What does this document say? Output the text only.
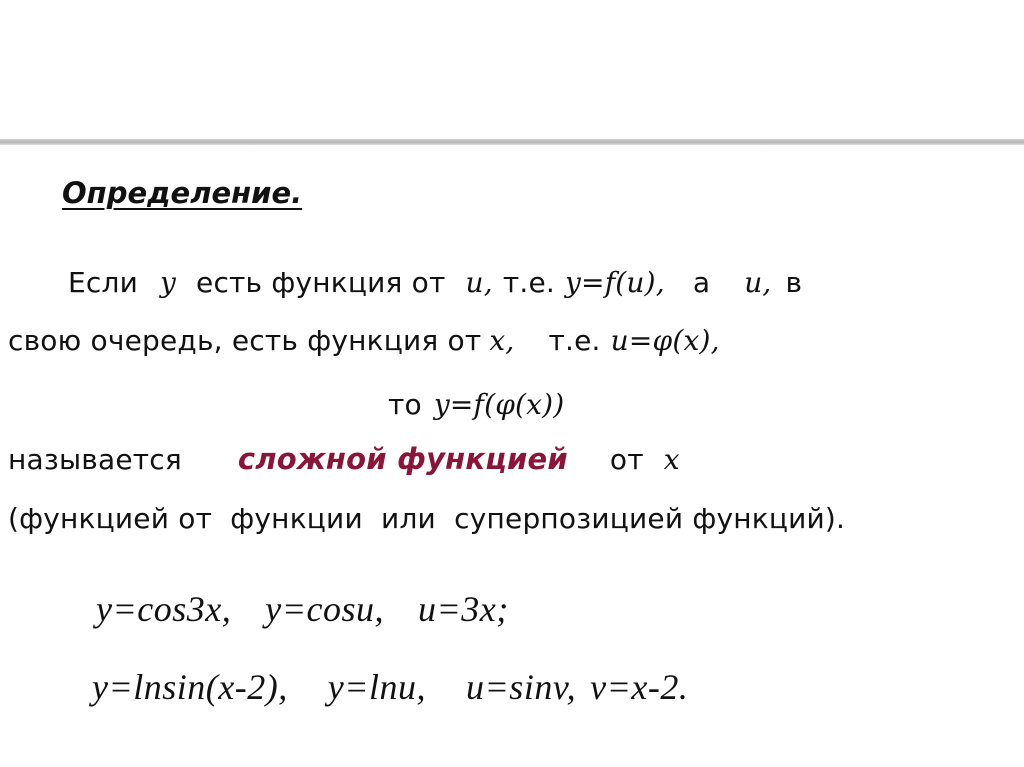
Определение.
Если y есть функция от u, т.е. y=f(u), а u, в
свою очередь, есть функция от x, т.е. u=φ(x),
то y=f(φ(x))
называется сложной функцией от x
(функцией от  функции  или  суперпозицией функций).
y=cos3x, y=cosu, u=3x;
y=lnsin(x-2), y=lnu, u=sinv, v=x-2.
